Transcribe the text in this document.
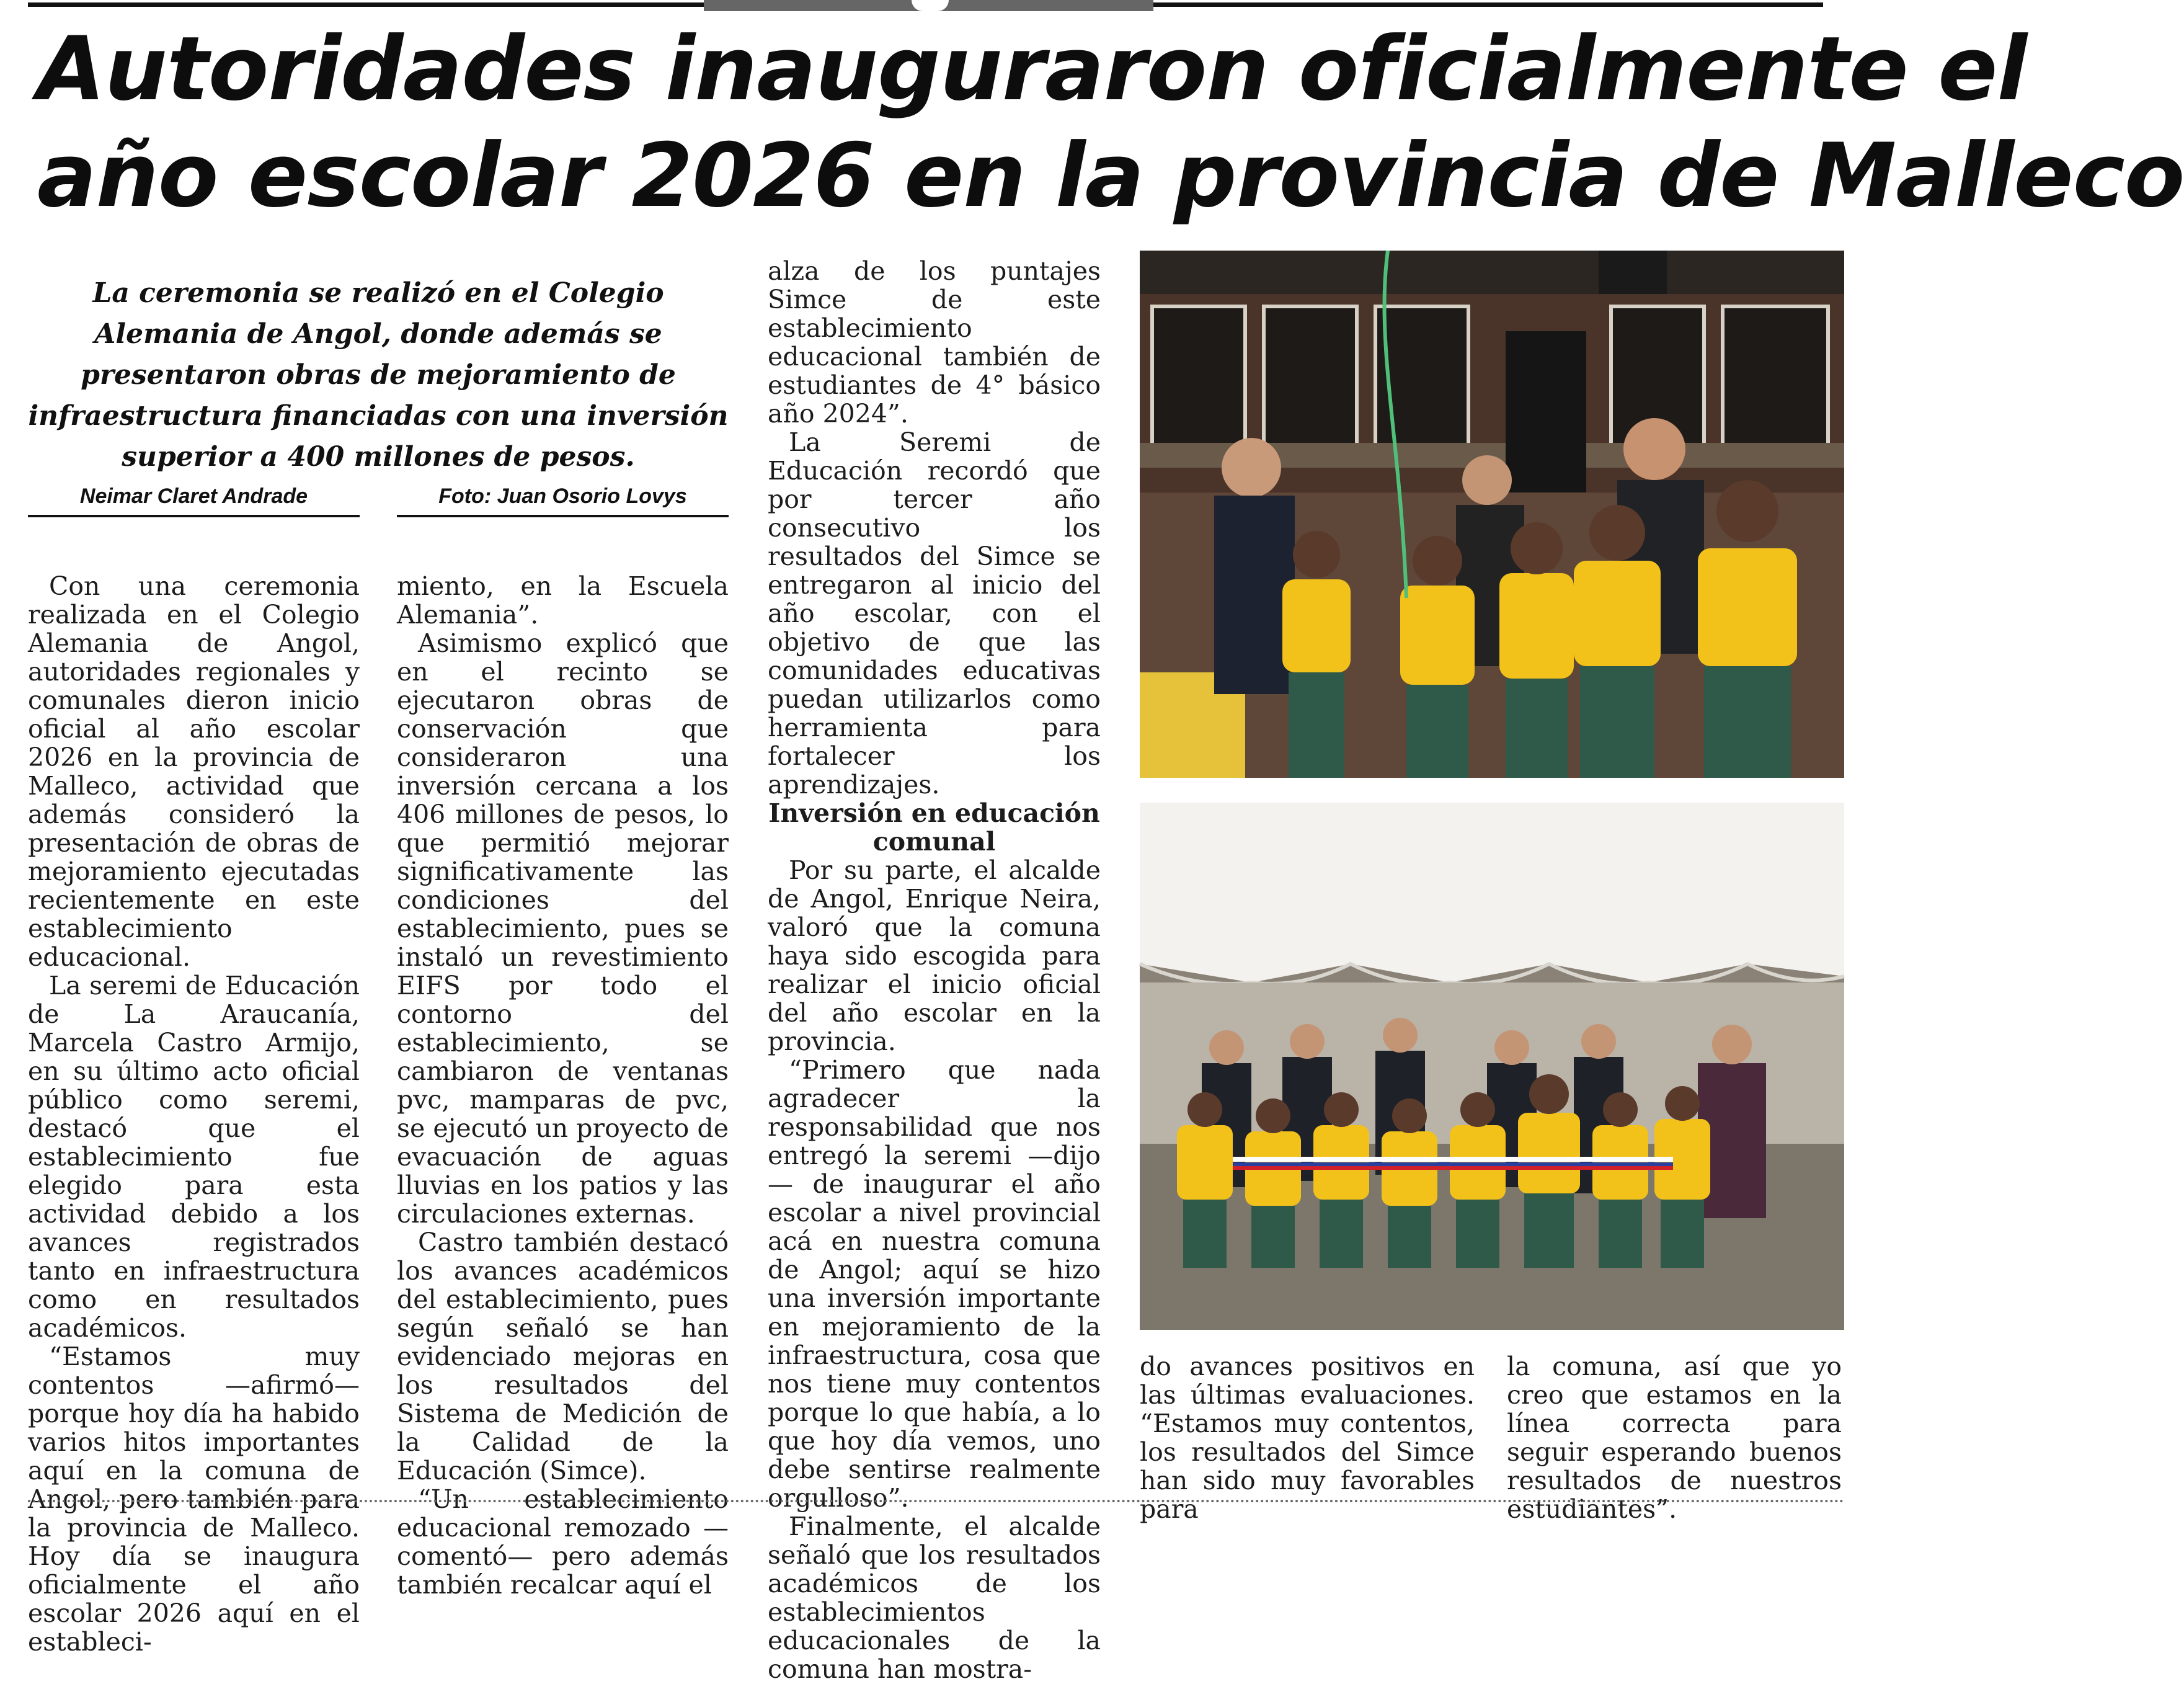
Autoridades inauguraron oficialmente el
año escolar 2026 en la provincia de Malleco

La ceremonia se realizó en el Colegio Alemania de Angol, donde además se presentaron obras de mejoramiento de infraestructura financiadas con una inversión superior a 400 millones de pesos.

Neimar Claret Andrade	Foto: Juan Osorio Lovys

Con una ceremonia realizada en el Colegio Alemania de Angol, autoridades regionales y comunales dieron inicio oficial al año escolar 2026 en la provincia de Malleco, actividad que además consideró la presentación de obras de mejoramiento ejecutadas recientemente en este establecimiento educacional.

La seremi de Educación de La Araucanía, Marcela Castro Armijo, en su último acto oficial público como seremi, destacó que el establecimiento fue elegido para esta actividad debido a los avances registrados tanto en infraestructura como en resultados académicos.

“Estamos muy contentos —afirmó— porque hoy día ha habido varios hitos importantes aquí en la comuna de Angol, pero también para la provincia de Malleco. Hoy día se inaugura oficialmente el año escolar 2026 aquí en el estableci-

miento, en la Escuela Alemania”.

Asimismo explicó que en el recinto se ejecutaron obras de conservación que consideraron una inversión cercana a los 406 millones de pesos, lo que permitió mejorar significativamente las condiciones del establecimiento, pues se instaló un revestimiento EIFS por todo el contorno del establecimiento, se cambiaron de ventanas pvc, mamparas de pvc, se ejecutó un proyecto de evacuación de aguas lluvias en los patios y las circulaciones externas.

Castro también destacó los avances académicos del establecimiento, pues según señaló se han evidenciado mejoras en los resultados del Sistema de Medición de la Calidad de la Educación (Simce).

“Un establecimiento educacional remozado —comentó— pero además también recalcar aquí el

alza de los puntajes Simce de este establecimiento educacional también de estudiantes de 4° básico año 2024”.

La Seremi de Educación recordó que por tercer año consecutivo los resultados del Simce se entregaron al inicio del año escolar, con el objetivo de que las comunidades educativas puedan utilizarlos como herramienta para fortalecer los aprendizajes.

Inversión en educación comunal

Por su parte, el alcalde de Angol, Enrique Neira, valoró que la comuna haya sido escogida para realizar el inicio oficial del año escolar en la provincia.

“Primero que nada agradecer la responsabilidad que nos entregó la seremi —dijo— de inaugurar el año escolar a nivel provincial acá en nuestra comuna de Angol; aquí se hizo una inversión importante en mejoramiento de la infraestructura, cosa que nos tiene muy contentos porque lo que había, a lo que hoy día vemos, uno debe sentirse realmente orgulloso”.

Finalmente, el alcalde señaló que los resultados académicos de los establecimientos educacionales de la comuna han mostra-

do avances positivos en las últimas evaluaciones. “Estamos muy contentos, los resultados del Simce han sido muy favorables para

la comuna, así que yo creo que estamos en la línea correcta para seguir esperando buenos resultados de nuestros estudiantes”.
